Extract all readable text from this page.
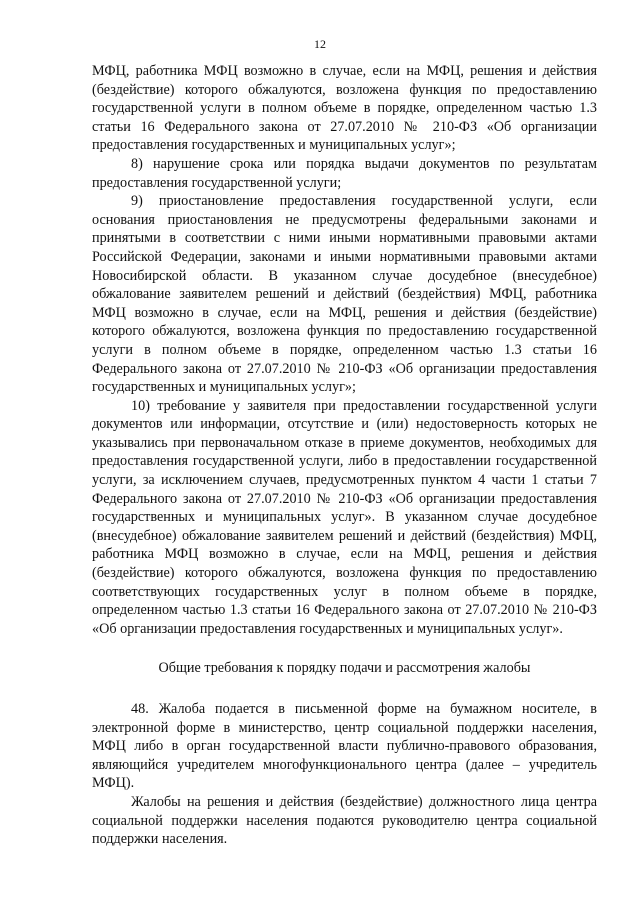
12

МФЦ, работника МФЦ возможно в случае, если на МФЦ, решения и действия (бездействие) которого обжалуются, возложена функция по предоставлению государственной услуги в полном объеме в порядке, определенном частью 1.3 статьи 16 Федерального закона от 27.07.2010 № 210-ФЗ «Об организации предоставления государственных и муниципальных услуг»;

8) нарушение срока или порядка выдачи документов по результатам предоставления государственной услуги;

9) приостановление предоставления государственной услуги, если основания приостановления не предусмотрены федеральными законами и принятыми в соответствии с ними иными нормативными правовыми актами Российской Федерации, законами и иными нормативными правовыми актами Новосибирской области. В указанном случае досудебное (внесудебное) обжалование заявителем решений и действий (бездействия) МФЦ, работника МФЦ возможно в случае, если на МФЦ, решения и действия (бездействие) которого обжалуются, возложена функция по предоставлению государственной услуги в полном объеме в порядке, определенном частью 1.3 статьи 16 Федерального закона от 27.07.2010 № 210-ФЗ «Об организации предоставления государственных и муниципальных услуг»;

10) требование у заявителя при предоставлении государственной услуги документов или информации, отсутствие и (или) недостоверность которых не указывались при первоначальном отказе в приеме документов, необходимых для предоставления государственной услуги, либо в предоставлении государственной услуги, за исключением случаев, предусмотренных пунктом 4 части 1 статьи 7 Федерального закона от 27.07.2010 № 210-ФЗ «Об организации предоставления государственных и муниципальных услуг». В указанном случае досудебное (внесудебное) обжалование заявителем решений и действий (бездействия) МФЦ, работника МФЦ возможно в случае, если на МФЦ, решения и действия (бездействие) которого обжалуются, возложена функция по предоставлению соответствующих государственных услуг в полном объеме в порядке, определенном частью 1.3 статьи 16 Федерального закона от 27.07.2010 № 210-ФЗ «Об организации предоставления государственных и муниципальных услуг».

Общие требования к порядку подачи и рассмотрения жалобы

48. Жалоба подается в письменной форме на бумажном носителе, в электронной форме в министерство, центр социальной поддержки населения, МФЦ либо в орган государственной власти публично-правового образования, являющийся учредителем многофункционального центра (далее – учредитель МФЦ).

Жалобы на решения и действия (бездействие) должностного лица центра социальной поддержки населения подаются руководителю центра социальной поддержки населения.
